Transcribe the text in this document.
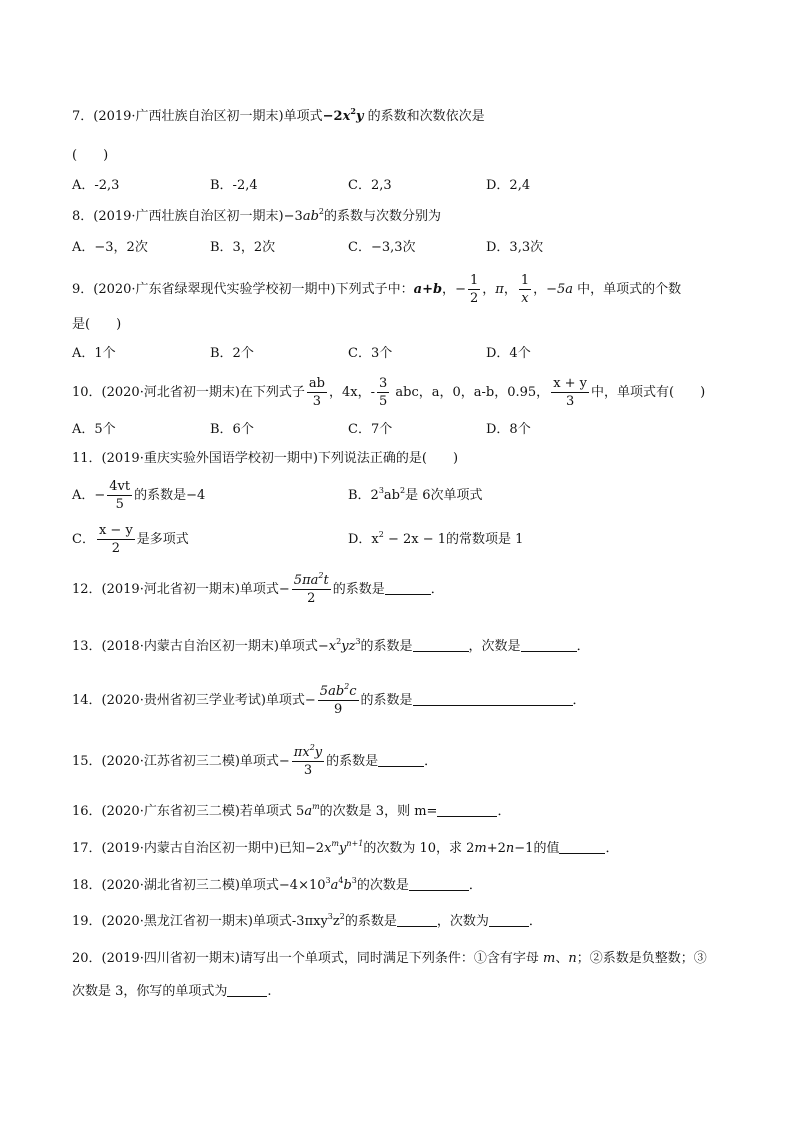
7．(2019·广西壮族自治区初一期末)单项式$-2x^2y$ 的系数和次数依次是
(　　)
A．-2,3	B．-2,4	C．2,3	D．2,4
8．(2019·广西壮族自治区初一期末)$-3ab^2$的系数与次数分别为
A．−3，2次	B．3，2次	C．−3,3次	D．3,3次
9．(2020·广东省绿翠现代实验学校初一期中)下列式子中：a+b，− $\frac{1}{2}$ ，π， $\frac{1}{x}$ ，−5a 中，单项式的个数
是(　　)
A．1个	B．2个	C．3个	D．4个
10．(2020·河北省初一期末)在下列式子 $\frac{ab}{3}$ ，4x，- $\frac{3}{5}$ abc，a，0，a-b，0.95， $\frac{x + y}{3}$ 中，单项式有(　　)
A．5个	B．6个	C．7个	D．8个
11．(2019·重庆实验外国语学校初一期中)下列说法正确的是(　　)
A．− $\frac{4vt}{5}$ 的系数是−4	B．$2^3ab^2$是 6次单项式
C． $\frac{x - y}{2}$ 是多项式	D．$x^2 - 2x - 1$的常数项是 1
12．(2019·河北省初一期末)单项式− $\frac{5\pi a^2t}{2}$ 的系数是	．
13．(2018·内蒙古自治区初一期末)单项式$-x^2yz^3$的系数是	，次数是	．
14．(2020·贵州省初三学业考试)单项式− $\frac{5ab^2c}{9}$ 的系数是	．
15．(2020·江苏省初三二模)单项式− $\frac{\pi x^2y}{3}$ 的系数是	．
16．(2020·广东省初三二模)若单项式 $5a^m$的次数是 3，则 m=	．
17．(2019·内蒙古自治区初一期中)已知$-2x^my^{n+1}$的次数为 10，求 2m+2n−1的值	．
18．(2020·湖北省初三二模)单项式$-4\times 10^3a^4b^3$的次数是	．
19．(2020·黑龙江省初一期末)单项式$-3\pi xy^3z^2$的系数是	，次数为	．
20．(2019·四川省初一期末)请写出一个单项式，同时满足下列条件：①含有字母 m、n；②系数是负整数；③
次数是 3，你写的单项式为	.
